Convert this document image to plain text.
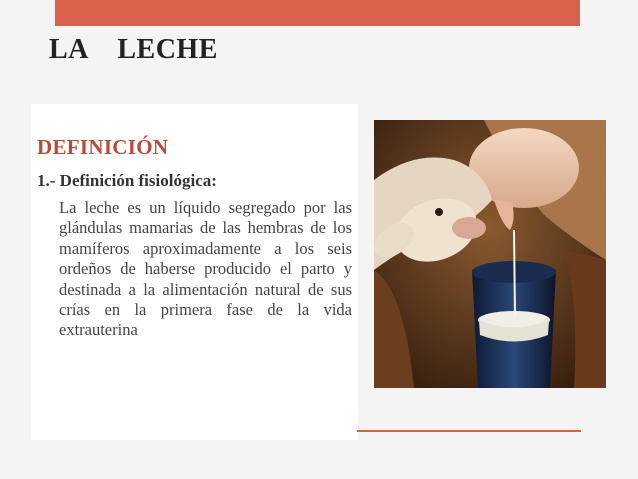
LA    LECHE
DEFINICIÓN
1.- Definición fisiológica:
La leche es un líquido segregado por las glándulas mamarias de las hembras de los mamíferos aproximadamente a los seis ordeños de haberse producido el parto y destinada a la alimentación natural de sus crías en la primera fase de la vida extrauterina
